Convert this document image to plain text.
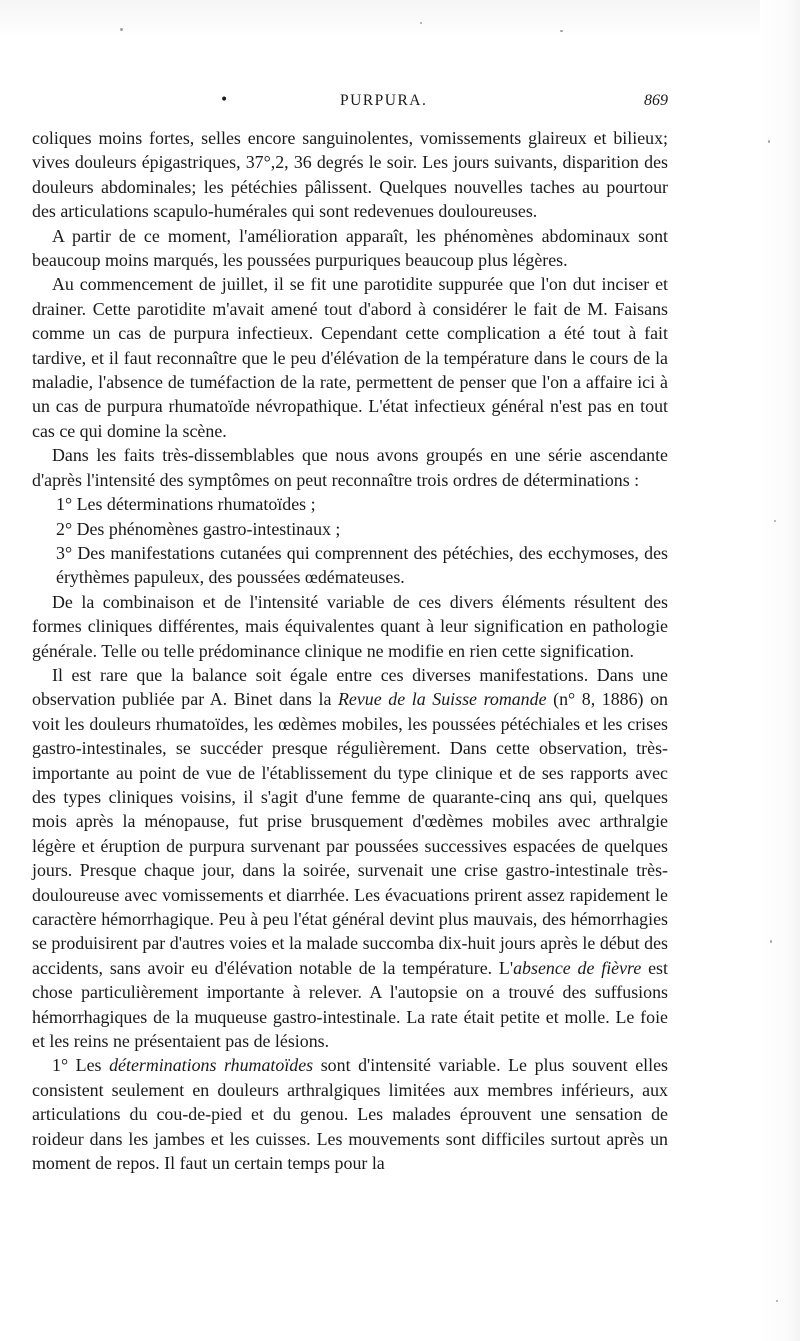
•	PURPURA.	869

coliques moins fortes, selles encore sanguinolentes, vomissements glaireux et bilieux; vives douleurs épigastriques, 37°,2, 36 degrés le soir. Les jours suivants, disparition des douleurs abdominales; les pétéchies pâlissent. Quelques nouvelles taches au pourtour des articulations scapulo-humérales qui sont redevenues douloureuses.

A partir de ce moment, l'amélioration apparaît, les phénomènes abdominaux sont beaucoup moins marqués, les poussées purpuriques beaucoup plus légères.

Au commencement de juillet, il se fit une parotidite suppurée que l'on dut inciser et drainer. Cette parotidite m'avait amené tout d'abord à considérer le fait de M. Faisans comme un cas de purpura infectieux. Cependant cette complication a été tout à fait tardive, et il faut reconnaître que le peu d'élévation de la température dans le cours de la maladie, l'absence de tuméfaction de la rate, permettent de penser que l'on a affaire ici à un cas de purpura rhumatoïde névropathique. L'état infectieux général n'est pas en tout cas ce qui domine la scène.

Dans les faits très-dissemblables que nous avons groupés en une série ascendante d'après l'intensité des symptômes on peut reconnaître trois ordres de déterminations :

1° Les déterminations rhumatoïdes ;

2° Des phénomènes gastro-intestinaux ;

3° Des manifestations cutanées qui comprennent des pétéchies, des ecchymoses, des érythèmes papuleux, des poussées œdémateuses.

De la combinaison et de l'intensité variable de ces divers éléments résultent des formes cliniques différentes, mais équivalentes quant à leur signification en pathologie générale. Telle ou telle prédominance clinique ne modifie en rien cette signification.

Il est rare que la balance soit égale entre ces diverses manifestations. Dans une observation publiée par A. Binet dans la Revue de la Suisse romande (n° 8, 1886) on voit les douleurs rhumatoïdes, les œdèmes mobiles, les poussées pétéchiales et les crises gastro-intestinales, se succéder presque régulièrement. Dans cette observation, très-importante au point de vue de l'établissement du type clinique et de ses rapports avec des types cliniques voisins, il s'agit d'une femme de quarante-cinq ans qui, quelques mois après la ménopause, fut prise brusquement d'œdèmes mobiles avec arthralgie légère et éruption de purpura survenant par poussées successives espacées de quelques jours. Presque chaque jour, dans la soirée, survenait une crise gastro-intestinale très-douloureuse avec vomissements et diarrhée. Les évacuations prirent assez rapidement le caractère hémorrhagique. Peu à peu l'état général devint plus mauvais, des hémorrhagies se produisirent par d'autres voies et la malade succomba dix-huit jours après le début des accidents, sans avoir eu d'élévation notable de la température. L'absence de fièvre est chose particulièrement importante à relever. A l'autopsie on a trouvé des suffusions hémorrhagiques de la muqueuse gastro-intestinale. La rate était petite et molle. Le foie et les reins ne présentaient pas de lésions.

1° Les déterminations rhumatoïdes sont d'intensité variable. Le plus souvent elles consistent seulement en douleurs arthralgiques limitées aux membres inférieurs, aux articulations du cou-de-pied et du genou. Les malades éprouvent une sensation de roideur dans les jambes et les cuisses. Les mouvements sont difficiles surtout après un moment de repos. Il faut un certain temps pour la
